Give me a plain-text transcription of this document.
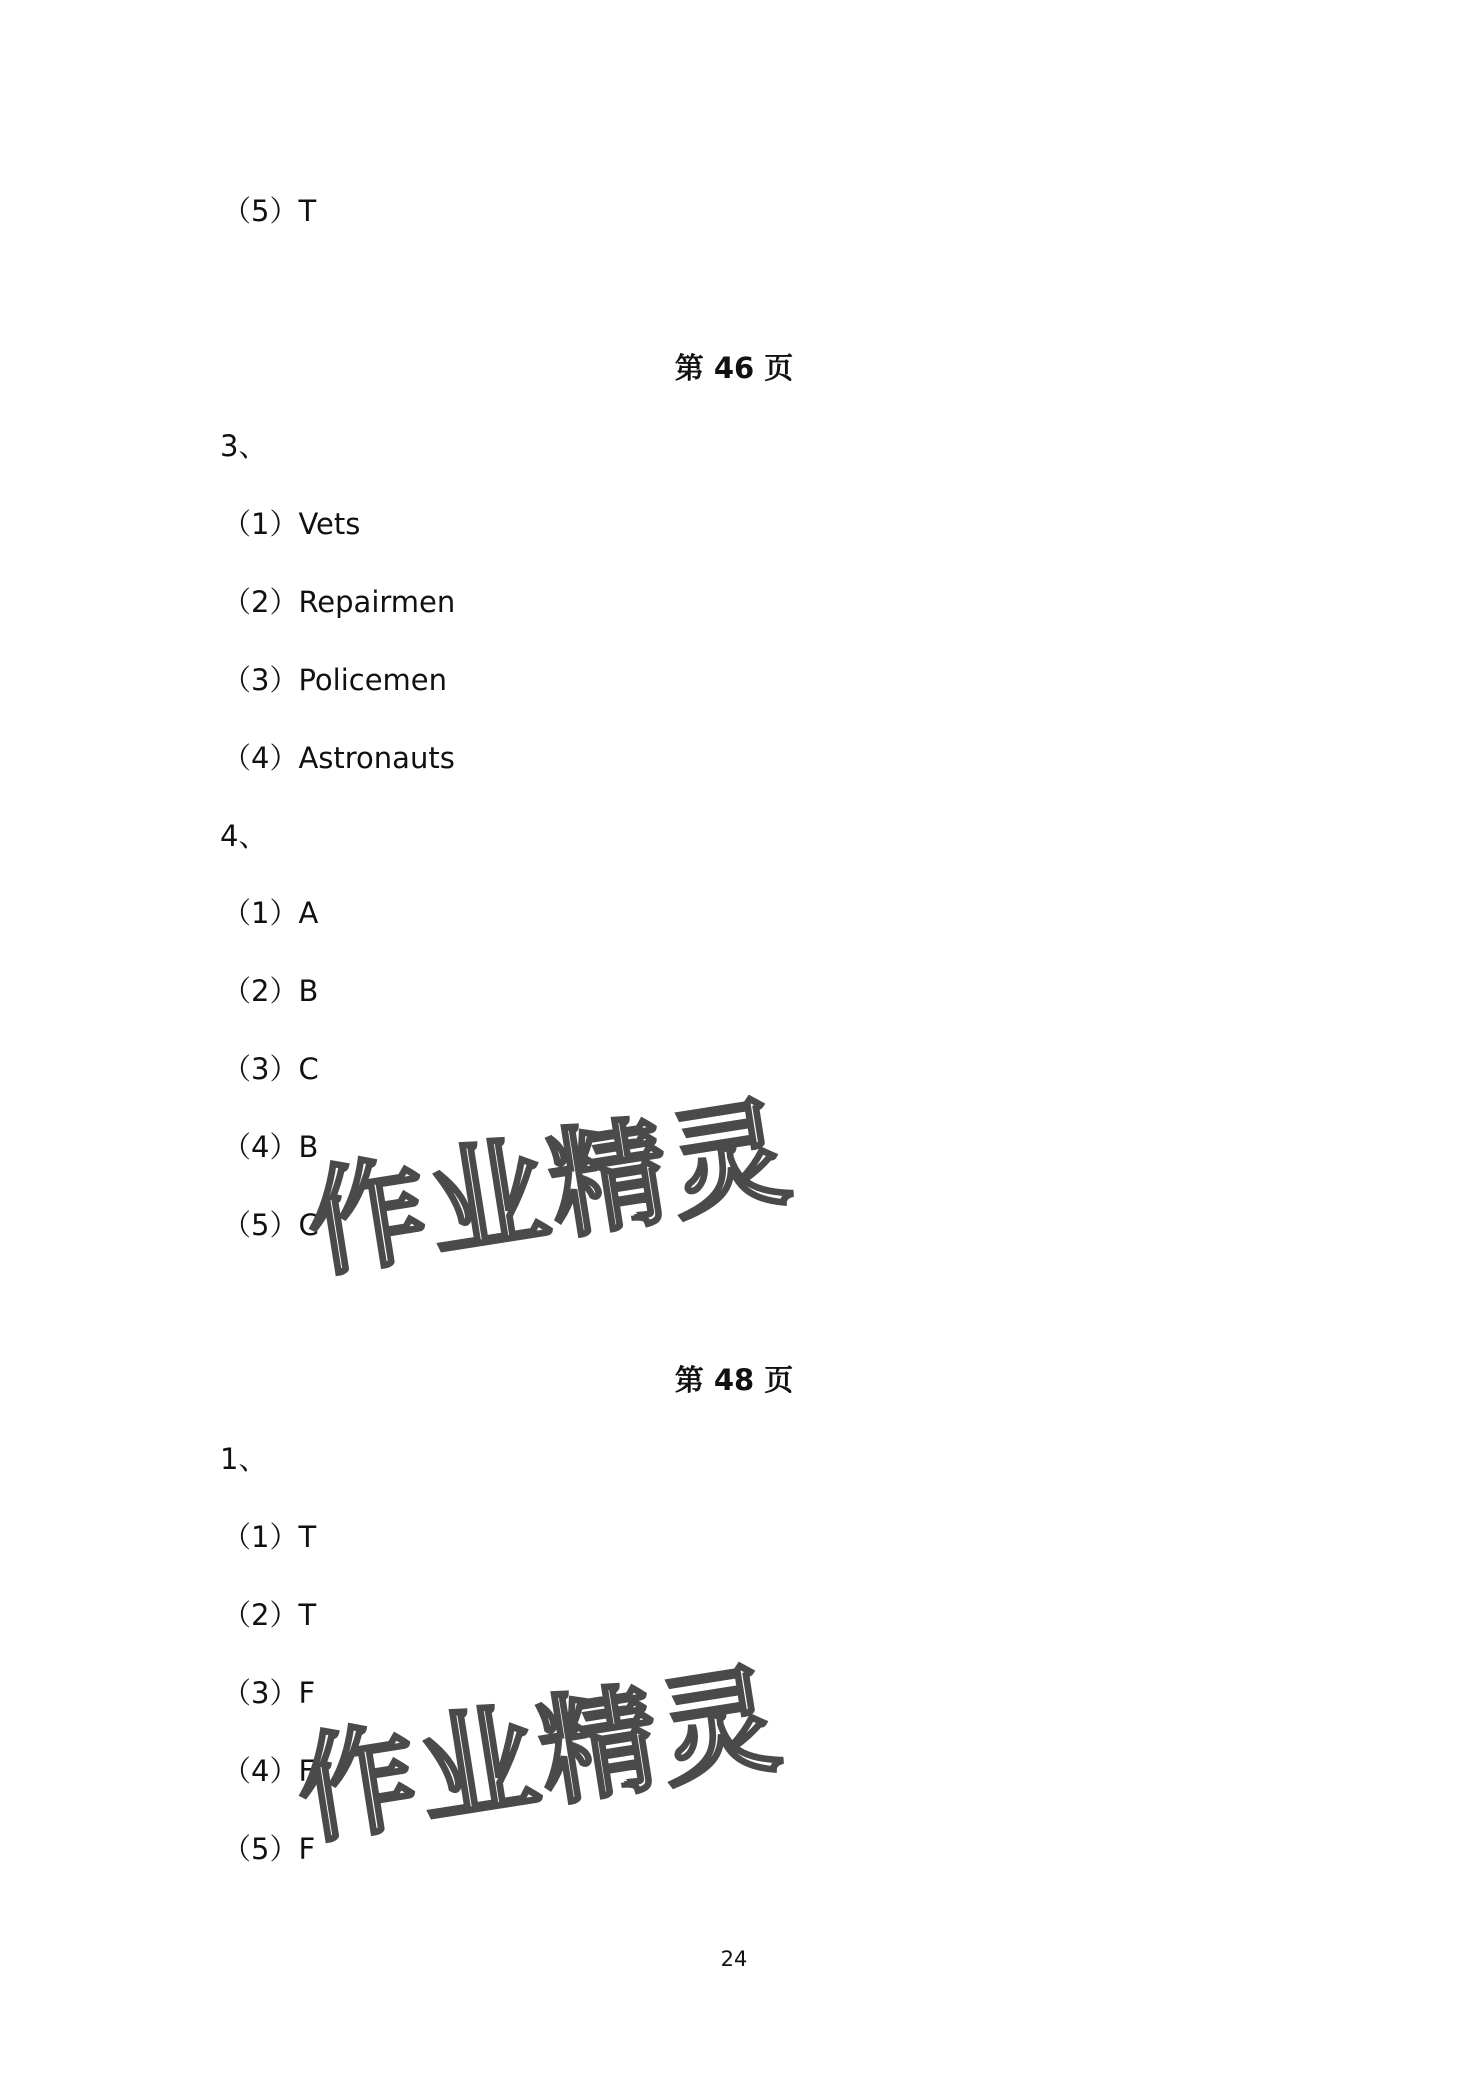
（5）T
第 46 页
3、
（1）Vets
（2）Repairmen
（3）Policemen
（4）Astronauts
4、
（1）A
（2）B
（3）C
（4）B
（5）C
作业精灵
第 48 页
1、
（1）T
（2）T
（3）F
（4）F
（5）F
作业精灵
24
